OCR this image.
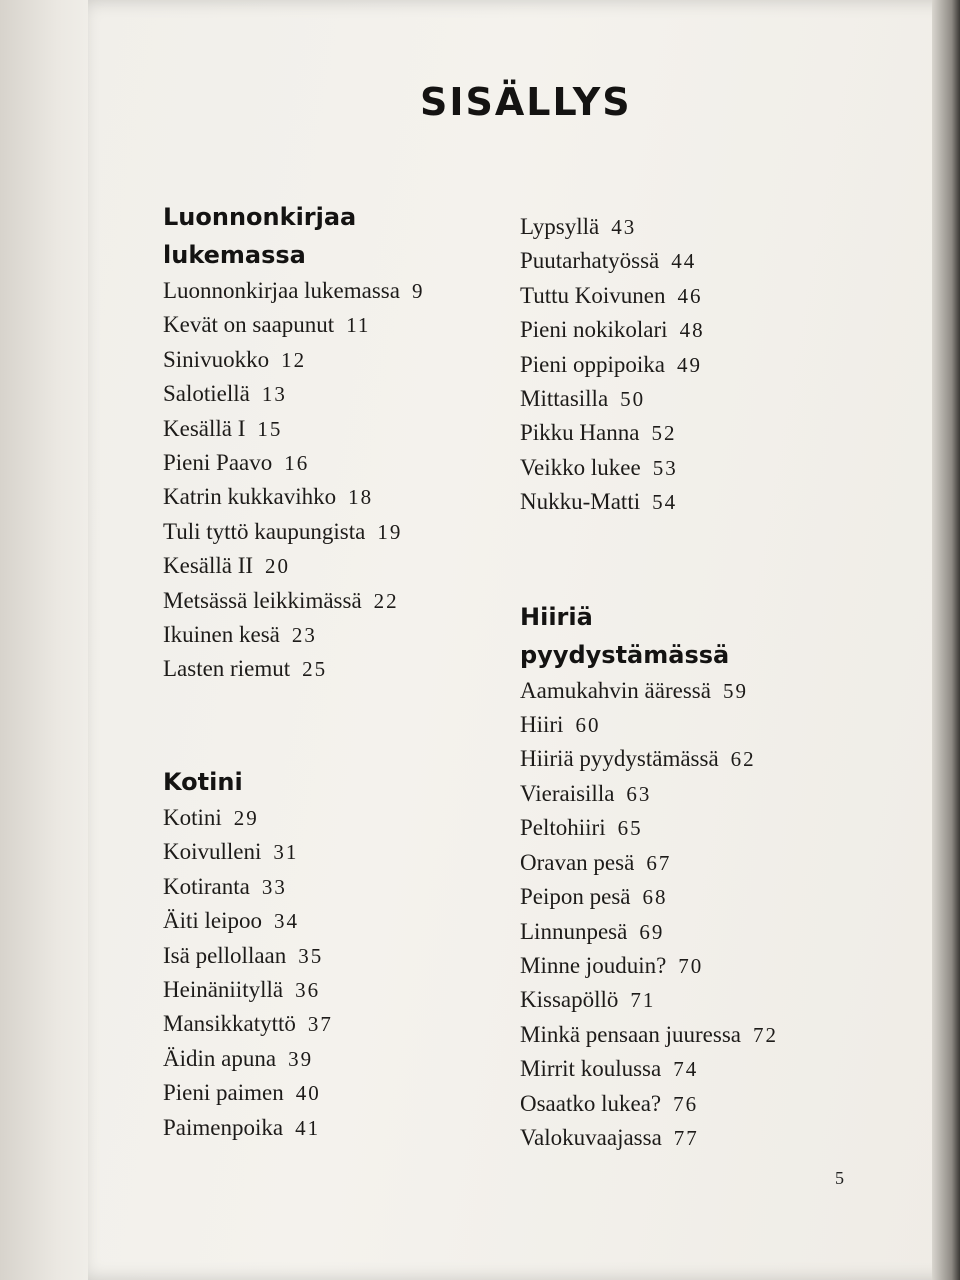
SISÄLLYS
Luonnonkirjaa
lukemassa
Luonnonkirjaa lukemassa 9
Kevät on saapunut 11
Sinivuokko 12
Salotiellä 13
Kesällä I 15
Pieni Paavo 16
Katrin kukkavihko 18
Tuli tyttö kaupungista 19
Kesällä II 20
Metsässä leikkimässä 22
Ikuinen kesä 23
Lasten riemut 25
Kotini
Kotini 29
Koivulleni 31
Kotiranta 33
Äiti leipoo 34
Isä pellollaan 35
Heinäniityllä 36
Mansikkatyttö 37
Äidin apuna 39
Pieni paimen 40
Paimenpoika 41
Lypsyllä 43
Puutarhatyössä 44
Tuttu Koivunen 46
Pieni nokikolari 48
Pieni oppipoika 49
Mittasilla 50
Pikku Hanna 52
Veikko lukee 53
Nukku-Matti 54
Hiiriä
pyydystämässä
Aamukahvin ääressä 59
Hiiri 60
Hiiriä pyydystämässä 62
Vieraisilla 63
Peltohiiri 65
Oravan pesä 67
Peipon pesä 68
Linnunpesä 69
Minne jouduin? 70
Kissapöllö 71
Minkä pensaan juuressa 72
Mirrit koulussa 74
Osaatko lukea? 76
Valokuvaajassa 77
5
